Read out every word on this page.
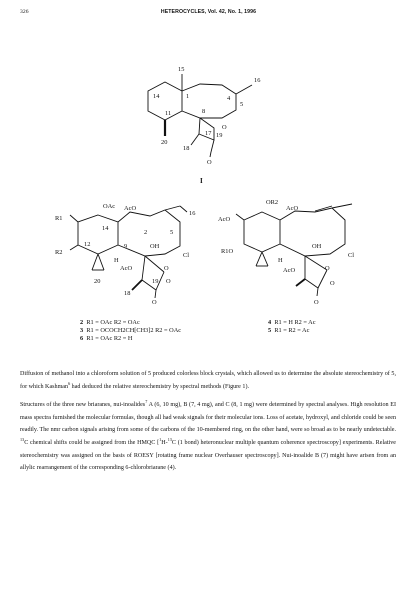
326	HETEROCYCLES, Vol. 42, No. 1, 1996
15
1
14	4
5
16
11	8
17
18
20
19
O
O
I
OAc AcO
R1
R2
14
2
16
12	9
5
OH
Cl
H
AcO	O
20	19 O
18
O
OR2
AcO
AcO
R1O
OH
Cl
H
AcO	O
O
O
2 R1 = OAc R2 = OAc
3 R1 = OCOCH2CH[CH3]2 R2 = OAc
6 R1 = OAc R2 = H
4 R1 = H R2 = Ac
5 R1 = R2 = Ac

Diffusion of methanol into a chloroform solution of 5 produced colorless block crystals, which allowed us to determine the absolute stereochemistry of 5, for which Kashman$^6$ had deduced the relative stereochemistry by spectral methods (Figure 1).

Structures of the three new briaranes, nui-inoalides$^7$ A (6, 10 mg), B (7, 4 mg), and C (8, 1 mg) were determined by spectral analyses. High resolution EI mass spectra furnished the molecular formulas, though all had weak signals for their molecular ions. Loss of acetate, hydroxyl, and chloride could be seen readily. The nmr carbon signals arising from some of the carbons of the 10-membered ring, on the other hand, were so broad as to be nearly undetectable. $^{13}$C chemical shifts could be assigned from the HMQC [$^1$H-$^{13}$C (1 bond) heteronuclear multiple quantum coherence spectroscopy] experiments. Relative stereochemistry was assigned on the basis of ROESY [rotating frame nuclear Overhauser spectroscopy]. Nui-inoalide B (7) might have arisen from an allylic rearrangement of the corresponding 6-chlorobriarane (4).
